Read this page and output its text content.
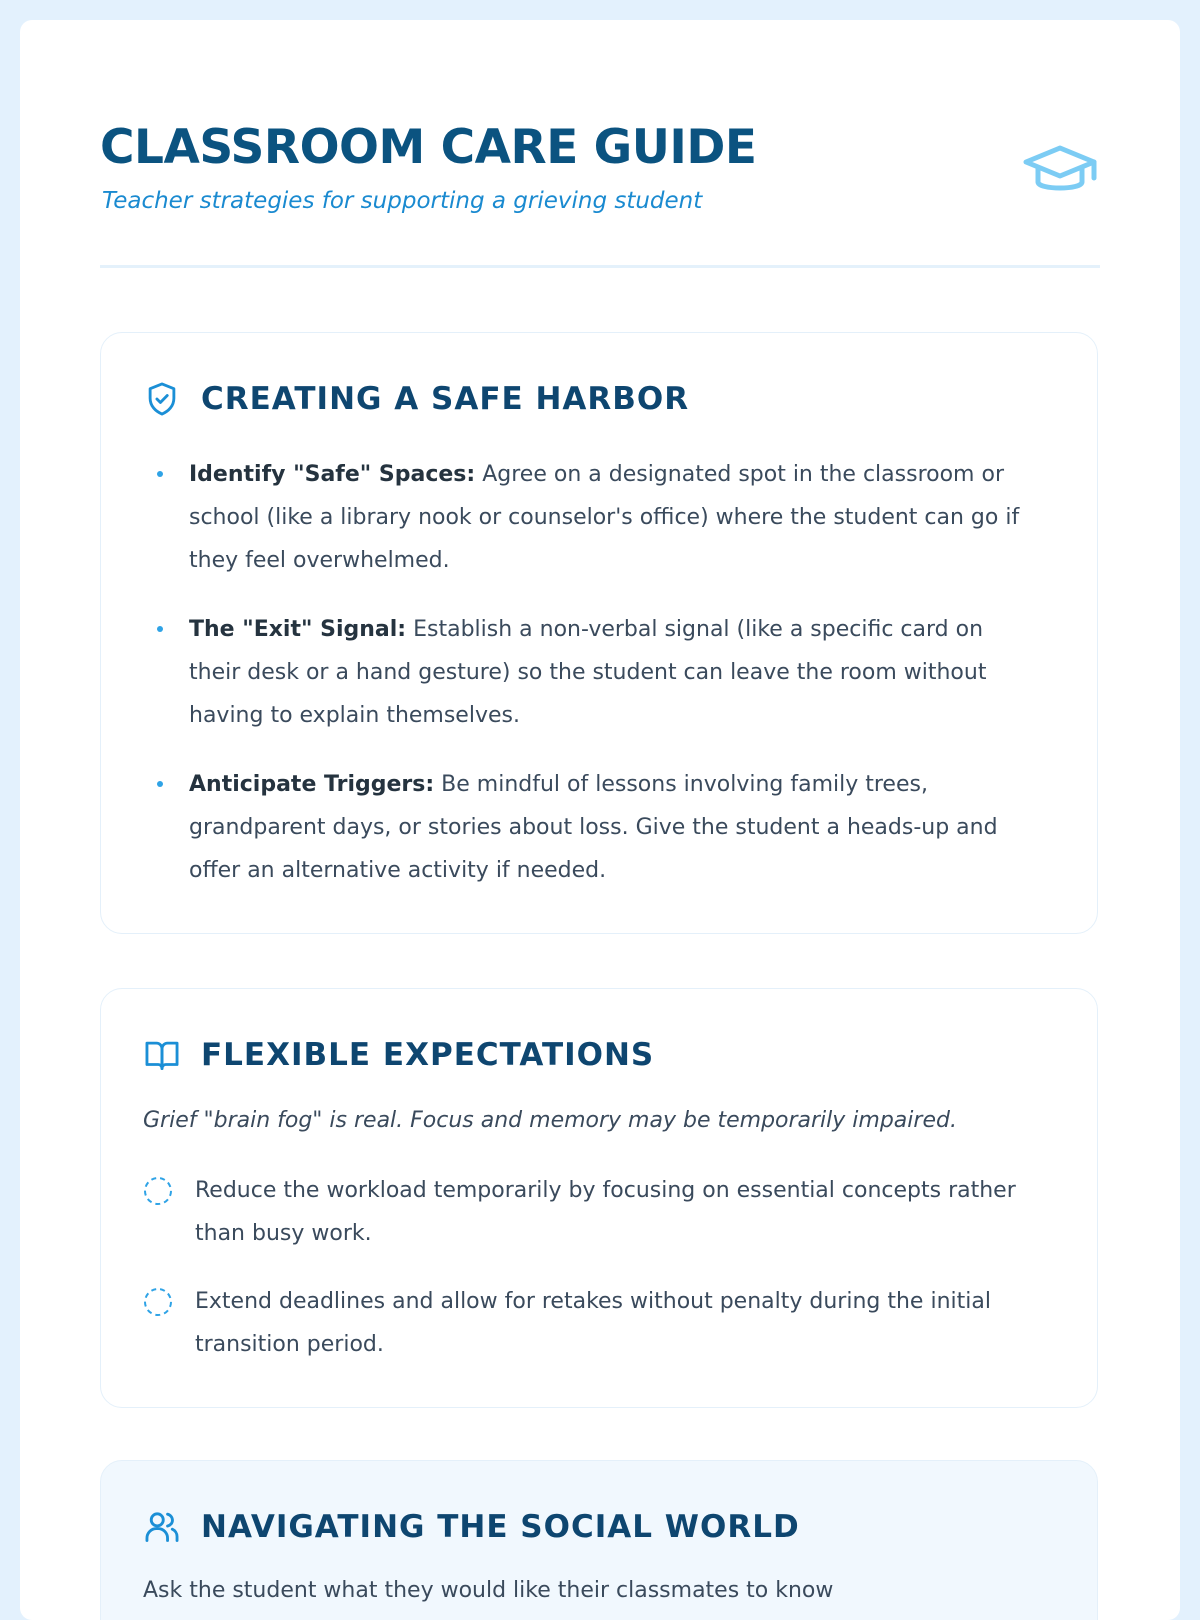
CLASSROOM CARE GUIDE

Teacher strategies for supporting a grieving student

CREATING A SAFE HARBOR
Identify "Safe" Spaces: Agree on a designated spot in the classroom or school (like a library nook or counselor's office) where the student can go if they feel overwhelmed.
The "Exit" Signal: Establish a non-verbal signal (like a specific card on their desk or a hand gesture) so the student can leave the room without having to explain themselves.
Anticipate Triggers: Be mindful of lessons involving family trees, grandparent days, or stories about loss. Give the student a heads-up and offer an alternative activity if needed.
FLEXIBLE EXPECTATIONS

Grief "brain fog" is real. Focus and memory may be temporarily impaired.

Reduce the workload temporarily by focusing on essential concepts rather than busy work.
Extend deadlines and allow for retakes without penalty during the initial transition period.
NAVIGATING THE SOCIAL WORLD
Ask the student what they would like their classmates to know
